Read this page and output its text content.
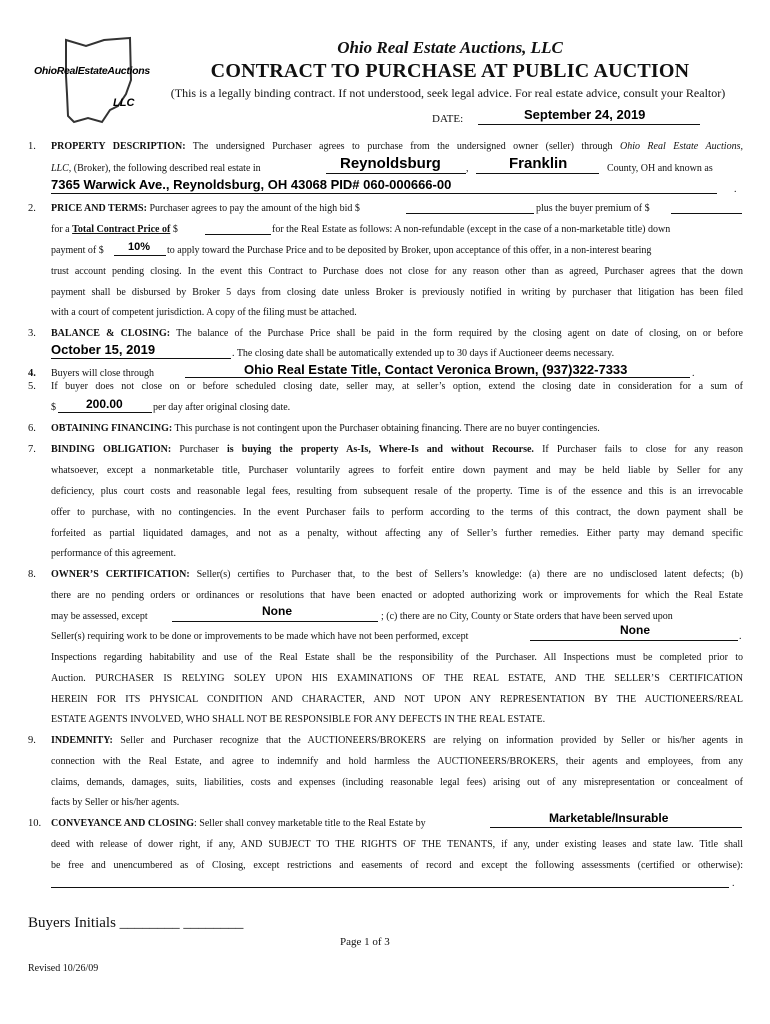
OhioRealEstateAuctions
LLC
Ohio Real Estate Auctions, LLC
CONTRACT TO PURCHASE AT PUBLIC AUCTION
(This is a legally binding contract. If not understood, seek legal advice. For real estate advice, consult your Realtor)
DATE:	September 24, 2019
1. PROPERTY DESCRIPTION: The undersigned Purchaser agrees to purchase from the undersigned owner (seller) through Ohio Real Estate Auctions,
LLC, (Broker), the following described real estate in	Reynoldsburg	,	Franklin	County, OH and known as
7365 Warwick Ave., Reynoldsburg, OH 43068 PID# 060-000666-00	.
2. PRICE AND TERMS: Purchaser agrees to pay the amount of the high bid $	plus the buyer premium of $
for a Total Contract Price of $	for the Real Estate as follows: A non-refundable (except in the case of a non-marketable title) down
payment of $ 10% to apply toward the Purchase Price and to be deposited by Broker, upon acceptance of this offer, in a non-interest bearing
trust account pending closing. In the event this Contract to Purchase does not close for any reason other than as agreed, Purchaser agrees that the down
payment shall be disbursed by Broker 5 days from closing date unless Broker is previously notified in writing by purchaser that litigation has been filed
with a court of competent jurisdiction. A copy of the filing must be attached.
3. BALANCE & CLOSING: The balance of the Purchase Price shall be paid in the form required by the closing agent on date of closing, on or before
October 15, 2019	. The closing date shall be automatically extended up to 30 days if Auctioneer deems necessary.
4. Buyers will close through	Ohio Real Estate Title, Contact Veronica Brown, (937)322-7333	.
5. If buyer does not close on or before scheduled closing date, seller may, at seller’s option, extend the closing date in consideration for a sum of
$	200.00	per day after original closing date.
6. OBTAINING FINANCING: This purchase is not contingent upon the Purchaser obtaining financing. There are no buyer contingencies.
7. BINDING OBLIGATION: Purchaser is buying the property As-Is, Where-Is and without Recourse. If Purchaser fails to close for any reason
whatsoever, except a nonmarketable title, Purchaser voluntarily agrees to forfeit entire down payment and may be held liable by Seller for any
deficiency, plus court costs and reasonable legal fees, resulting from subsequent resale of the property. Time is of the essence and this is an irrevocable
offer to purchase, with no contingencies. In the event Purchaser fails to perform according to the terms of this contract, the down payment shall be
forfeited as partial liquidated damages, and not as a penalty, without affecting any of Seller’s further remedies. Either party may demand specific
performance of this agreement.
8. OWNER’S CERTIFICATION: Seller(s) certifies to Purchaser that, to the best of Sellers’s knowledge: (a) there are no undisclosed latent defects; (b)
there are no pending orders or ordinances or resolutions that have been enacted or adopted authorizing work or improvements for which the Real Estate
may be assessed, except	None	; (c) there are no City, County or State orders that have been served upon
Seller(s) requiring work to be done or improvements to be made which have not been performed, except	None	.
Inspections regarding habitability and use of the Real Estate shall be the responsibility of the Purchaser. All Inspections must be completed prior to
Auction. PURCHASER IS RELYING SOLEY UPON HIS EXAMINATIONS OF THE REAL ESTATE, AND THE SELLER’S CERTIFICATION
HEREIN FOR ITS PHYSICAL CONDITION AND CHARACTER, AND NOT UPON ANY REPRESENTATION BY THE AUCTIONEERS/REAL
ESTATE AGENTS INVOLVED, WHO SHALL NOT BE RESPONSIBLE FOR ANY DEFECTS IN THE REAL ESTATE.
9. INDEMNITY: Seller and Purchaser recognize that the AUCTIONEERS/BROKERS are relying on information provided by Seller or his/her agents in
connection with the Real Estate, and agree to indemnify and hold harmless the AUCTIONEERS/BROKERS, their agents and employees, from any
claims, demands, damages, suits, liabilities, costs and expenses (including reasonable legal fees) arising out of any misrepresentation or concealment of
facts by Seller or his/her agents.
10. CONVEYANCE AND CLOSING: Seller shall convey marketable title to the Real Estate by	Marketable/Insurable
deed with release of dower right, if any, AND SUBJECT TO THE RIGHTS OF THE TENANTS, if any, under existing leases and state law. Title shall
be free and unencumbered as of Closing, except restrictions and easements of record and except the following assessments (certified or otherwise):
.
Buyers Initials ________ ________
Page 1 of 3
Revised 10/26/09
